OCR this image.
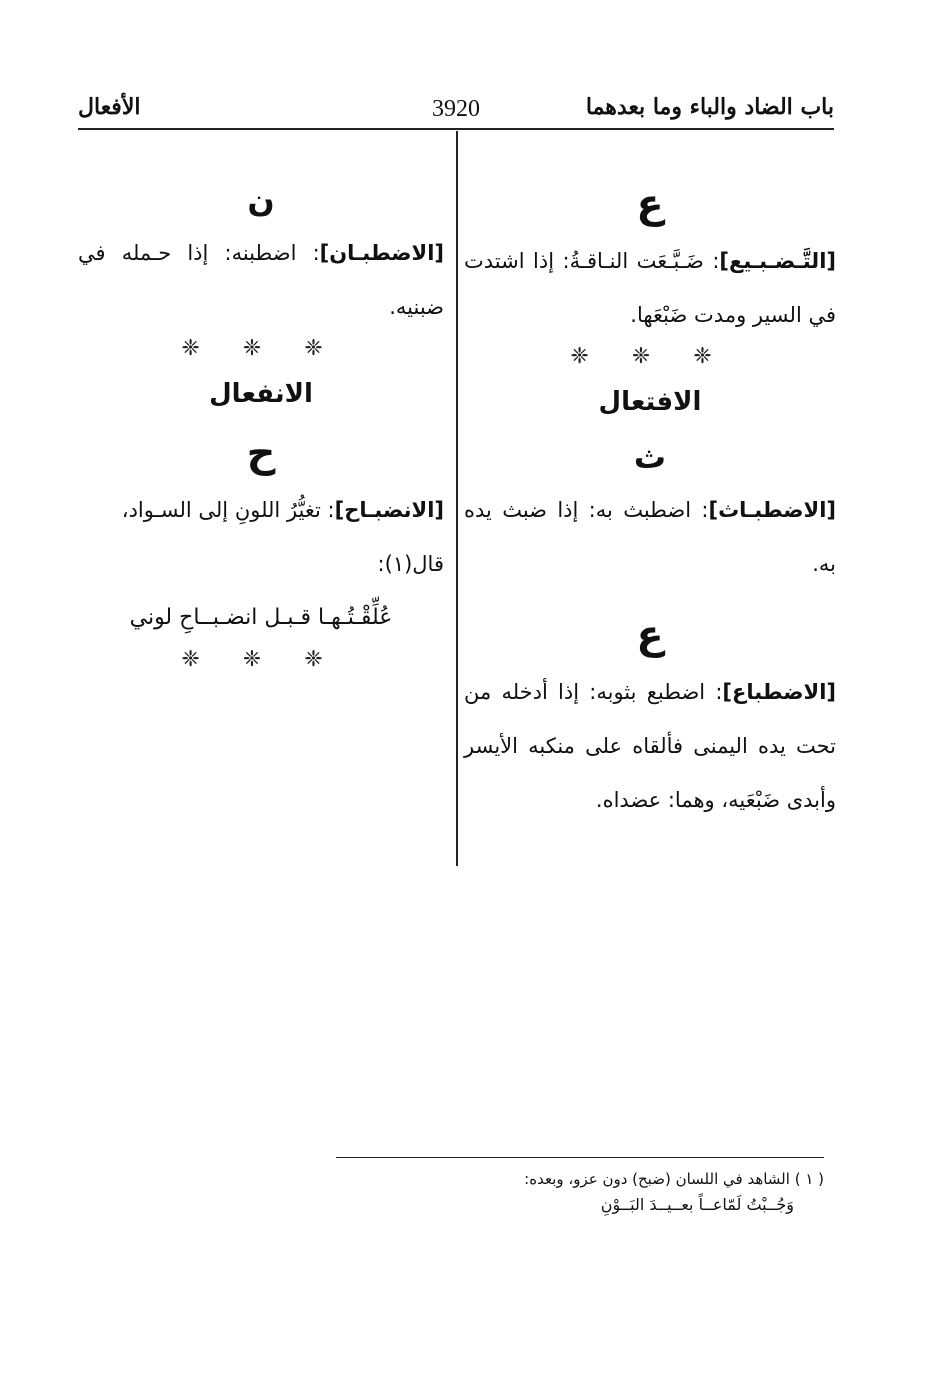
باب الضاد والباء وما بعدهما
3920
الأفعال
ع
[التَّـضـبـيع]: ضَـبَّـعَت النـاقـةُ: إذا اشتدت في السير ومدت ضَبْعَها.
❈ ❈ ❈
الافتعال
ث
[الاضطبـاث]: اضطبث به: إذا ضبث يده به.
ع
[الاضطباع]: اضطبع بثوبه: إذا أدخله من تحت يده اليمنى فألقاه على منكبه الأيسر وأبدى ضَبْعَيه، وهما: عضداه.
ن
[الاضطبـان]: اضطبنه: إذا حـمله في ضبنيه.
❈ ❈ ❈
الانفعال
ح
[الانضبـاح]: تغيُّرُ اللونِ إلى السـواد،
قال(١):
عُلِّقْـتُـهـا قـبـل انضـبــاحِ لوني
❈ ❈ ❈
( ١ ) الشاهد في اللسان (ضبح) دون عزو، وبعده:
وَجُــبْتُ لَمّاعــاً بعــيــدَ البَــوْنِ
